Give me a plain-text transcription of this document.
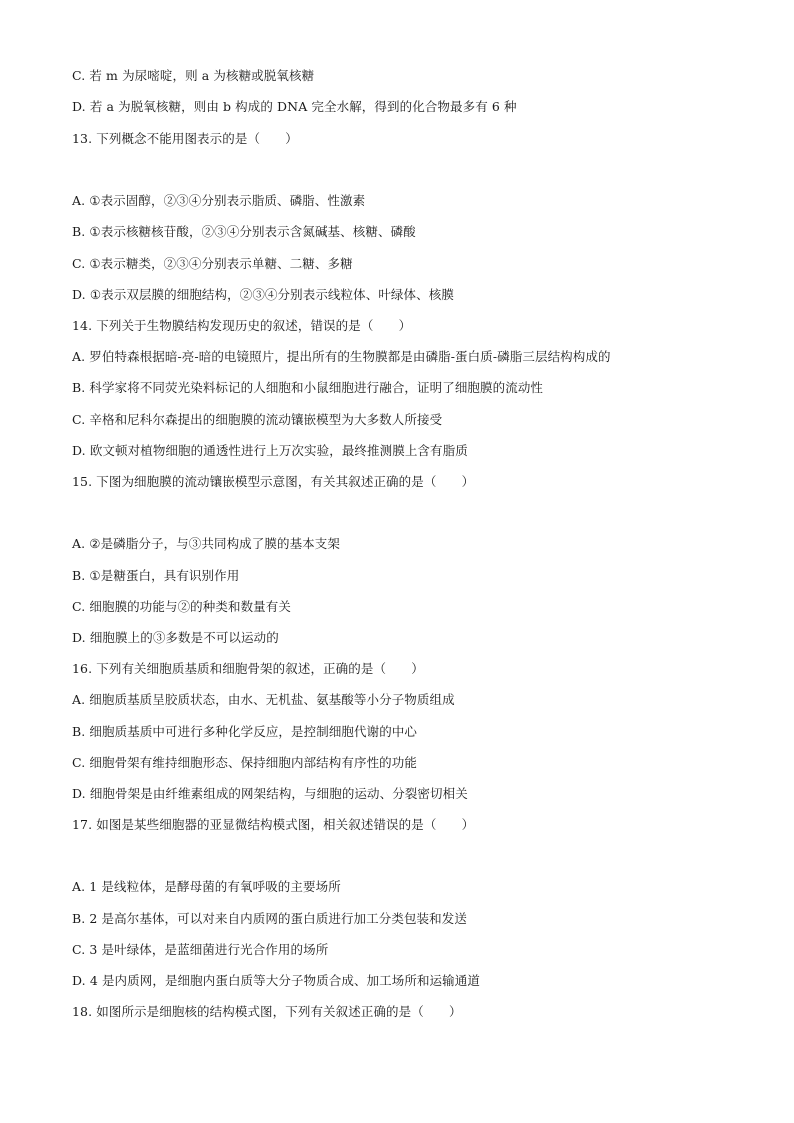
C. 若 m 为尿嘧啶，则 a 为核糖或脱氧核糖
D. 若 a 为脱氧核糖，则由 b 构成的 DNA 完全水解，得到的化合物最多有 6 种
13. 下列概念不能用图表示的是（　　）
A. ①表示固醇，②③④分别表示脂质、磷脂、性激素
B. ①表示核糖核苷酸，②③④分别表示含氮碱基、核糖、磷酸
C. ①表示糖类，②③④分别表示单糖、二糖、多糖
D. ①表示双层膜的细胞结构，②③④分别表示线粒体、叶绿体、核膜
14. 下列关于生物膜结构发现历史的叙述，错误的是（　　）
A. 罗伯特森根据暗-亮-暗的电镜照片，提出所有的生物膜都是由磷脂-蛋白质-磷脂三层结构构成的
B. 科学家将不同荧光染料标记的人细胞和小鼠细胞进行融合，证明了细胞膜的流动性
C. 辛格和尼科尔森提出的细胞膜的流动镶嵌模型为大多数人所接受
D. 欧文顿对植物细胞的通透性进行上万次实验，最终推测膜上含有脂质
15. 下图为细胞膜的流动镶嵌模型示意图，有关其叙述正确的是（　　）
A. ②是磷脂分子，与③共同构成了膜的基本支架
B. ①是糖蛋白，具有识别作用
C. 细胞膜的功能与②的种类和数量有关
D. 细胞膜上的③多数是不可以运动的
16. 下列有关细胞质基质和细胞骨架的叙述，正确的是（　　）
A. 细胞质基质呈胶质状态，由水、无机盐、氨基酸等小分子物质组成
B. 细胞质基质中可进行多种化学反应，是控制细胞代谢的中心
C. 细胞骨架有维持细胞形态、保持细胞内部结构有序性的功能
D. 细胞骨架是由纤维素组成的网架结构，与细胞的运动、分裂密切相关
17. 如图是某些细胞器的亚显微结构模式图，相关叙述错误的是（　　）
A. 1 是线粒体，是酵母菌的有氧呼吸的主要场所
B. 2 是高尔基体，可以对来自内质网的蛋白质进行加工分类包装和发送
C. 3 是叶绿体，是蓝细菌进行光合作用的场所
D. 4 是内质网，是细胞内蛋白质等大分子物质合成、加工场所和运输通道
18. 如图所示是细胞核的结构模式图，下列有关叙述正确的是（　　）
